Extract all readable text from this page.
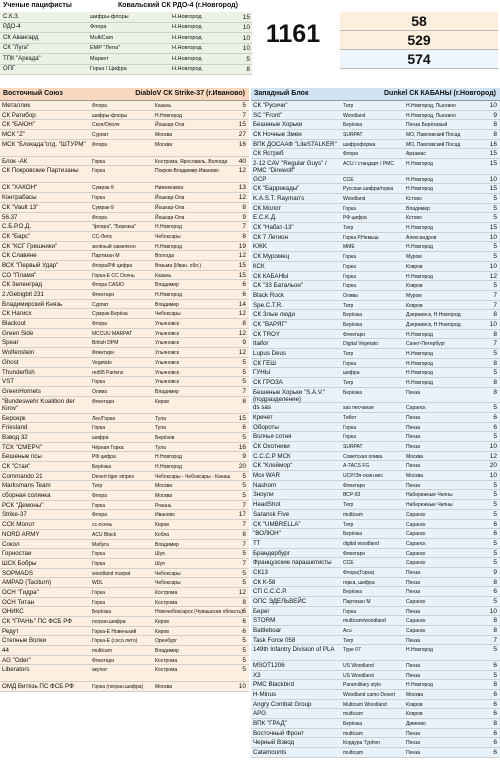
Ученые пацифисты	Ковальский СК РДО-4 (г.Новгород)
С.К.З.	шифры-флоры	Н.Новгород	15
РДО-4	Флора	Н.Новгород	10
СК Авангард	MultiCam	Н.Новгород	10
СК "Луга"	EMP "Лепа"	Н.Новгород	10
ТПК "Аркада"	Маркет	Н.Новгород	5
ОПГ	Горка \ Цифра	Н.Новгород	8
1161	58
529
574
Восточный Союз	DiabloV СК Strike-37 (г.Иваново)
Металлик	Флора	Казань	5
СК Ратибор	шифры-флоры	Н.Новгород	7
СК "БАЮН"	Скол/Ополч	Йошкар-Ола	15
МСК "Z"	Сурпат	Москва	27
МСК "Блокада"отд. "ШТУРМ"	Флора	Москва	16
Блок -АК	Горка	Кострома, Ярославль, Вологда	40
СК Покровские Партизаны	Горка	Покров-Владимир-Иваново	12
СК "ХАКОН"	Сумрак-9	Нижнекамск	13
Контрабасы	Горка	Йошкар-Ола	12
СК "Vault 13"	Сумрак-9	Йошкар-Ола	8
56.37	Флора	Йошкар-Ола	9
С.Б.Р.О.Д.	"флора", "Березка"	Н.Новгород	7
СК "Барс"	СС-Лепс	Чебоксары	8
СК "КСГ Грешники"	зелёный хамелеон	Н.Новгород	19
СК Славяне	Партизан М	Вологда	12
ВСК "Первый Удар"	Флора/РФ цифра	Вязьма (Иван. обл.)	15
СО "Пламя"	Горка-Е СС Осень	Казань	15
СК Зеленград	Флора CASIO	Владимир	6
2./Gebigbtl 231	Флектарн	Н.Новгород	6
Владимирский Князь	Сурпат	Владимир	14
СК Нагисх	Сумрак-Берёза	Чебоксары	12
Blackout	Флора	Ульяновск	8
Green Side	MCCUU MARPAT	Ульяновск	12
Spear	British DPM	Ульяновск	9
Wolfenstein	Флектарн	Ульяновск	12
Ghost	Vegetato	Ульяновск	5
Thunderfish	red95 Partens	Ульяновск	5
VST	Горка	Ульяновск	5
GreenHornets	Олива	Владимир	7
"Bundeswehr Koalition der Kirov"
Флектарн	Киров	8
Берсерк	Лес/Горка	Тула	15
Friesland	Горка	Тула	6
Взвод 32	шифра	Берёзов	5
ТСК "СМЕРЧ"	Чёрная Горка	Тула	16
Бешеные псы	РФ цифра	Н.Новгород	9
СК "Стая"	Берёзка	Н.Новгород	20
Commando 21	Desert tiger stripes	Чебоксары - Чебоксары - Канаш	5
Marksmans Team	Тигр	Москва	5
сборная солянка	Флора	Москва	5
РСК "Демоны"	Горка	Рязань	7
Strike-37	Флора	Иваново	17
ССК Молот	сс-осень	Киров	7
NORD ARMY	ACU Black	Кобла	8
Сокол	Мабуга	Владимир	7
Горностаи	Горка	Шуя	5
ШСК Бобры	Горка	Шуя	7
SOPMADS	woodland marpat	Чебоксары	5
AMPAD (Taciturn)	WDL	Чебоксары	5
ОСН "Гидра"	Горка	Кострома	12
ОСН Титан	Горка	Кострома	8
ОНИКС	Берёзка	Новочебоксарск (Чувашская область) 6
СК "ГРАНЬ" ПС ФСБ РФ	погран.шифра	Киров	6
Редут	Горка-Е Новенький	Киров	6
Степные Волки	Горка-Е (сосо.лето)	Оренбург	5
44	multicam	Владимир	5
AG "Oder"	Флектарн	Кострома	5
Liberators	акупат	Кострома	5
ОМД Витязь ПС ФСБ РФ	Горка (погран.шифра)	Москва	10
Западный Блок	Dunkel СК КАБАНЫ (г.Новгород)
СК "Русичи"	Тигр	Н.Новгород, Пыскино	10
SC "Front"	Woodland	Н.Новгород, Пыскино	9
Бешеные Хорьки	Берёзка	Пенза Берёзовый	8
СК Ночные Змеи	SURPAT	МО, Павловский Посад	8
ВПК ДОСААФ "LiteSTALKER"	шифроформа	МО, Павловский Посад	16
СК Ястреб	Флора	Арзамас	15
2-12 CAV "Regular Guys" / PMC "Direwolf"
ACU / стандарт / PMC	Н.Новгород	15
GCP	CCE	Н.Новгород	10
СК "Баррикады"	Русская шифра/горка	Н.Новгород	15
K.A.S.T. Rayman's	Woodland	Кстово	5
СК Молот	Горка	Владимир	5
E.C.K.Д.	РФ цифра	Кстово	5
СК "Набат-13"	Тигр	Н.Новгород	15
СК 7 Легион	Горка Р.Немыш	Александров	10
KЖK	ММЕ	Н.Новгород	5
СК Муромец	Горка	Муром	5
КСК	Горка	Ковров	10
СК КАБАНЫ	Горка	Н.Новгород	12
СК "33 Батальон"	Горка	Ковров	5
Black Rock	Олива	Муром	7
Spe.C.T.R.	Тигр	Ковров	7
СК Злые люди	Берёзка	Дзержинск, Н.Новгород	8
СК "ВАРЯГ"	Берёзка	Дзержинск, Н.Новгород	10
СК TROY	Флектарн	Н.Новгород	8
Itaifor	Digital Vegetato	Санкт-Петербург	7
Lupus Deus	Тигр	Н.Новгород	5
СК ГЕШ	Горка	Н.Новгород	8
ГУНЫ	шифра	Н.Новгород	5
СК ГРОЗА	Тигр	Н.Новгород	8
Бешеные Хорьки "S.A.V."(подразделение)
Берёзка	Пенза	8
ds sas	sas песчаная	Саранск	5
Кречет	Тибет	Пенза	6
Обороты	Горка	Пенза	6
Волчья сотня	Горка	Пенза	5
СК Охотники	SURPAT	Пенза	10
С.С.С.Р МСК	Советская олива	Москва	12
СК "Клеймор"	A-TACS FG	Пенза	20
Мск WAR	UCP/Эл-осин.вес	Москва	10
Nashorn	Флектарн	Пенза	5
Зноули	ВСР-93	Набережные Челны	5
HeadShot	Тигр	Набережные Челны	5
Saransk Five	multicam	Саранск	5
СК "UMBRELLA"	Тигр	Саранск	6
"ВОЛЮН"	Берёзка	Саранск	6
TT	digital woodland	Саранск	5
Брандербург	Флектарн	Саранск	5
Французские парашютисты	CCE	Саранск	5
СК13	Флора(Горка)	Пенза	9
СК К-58	горка, шифра	Пенза	8
СП С.С.С.Р.	Берёзка	Пенза	6
ОПС ЭДЕЛЬВЕЙС	Партизан М	Саранск	5
Берег	Горка	Пенза	10
STORM	multicam/woodland	Саранск	8
Battleboar	Acu	Саранск	8
Task Force 058	Тигр	Пенза	7
149th Infantry Division of PLA	Type 07	Н.Новгород	5
MSOT1206	US Woodland	Пенза	6
X3	US Woodland	Пенза	5
PMC Blackbird	Paramilitary style	Н.Новгород	8
H-Minus	Woodland camo Desert	Москва	6
Angry Combat Group	Multicam Woodland	Ковров	6
APG	multicam	Ковров	6
ВПК "ГРАД"	Берёзка	Дивеево	8
Восточный Фронт	multicam	Пенза	6
Черный Взвод	Кордура Typhon	Пенза	6
Catamounts	multicam	Пенза	6
